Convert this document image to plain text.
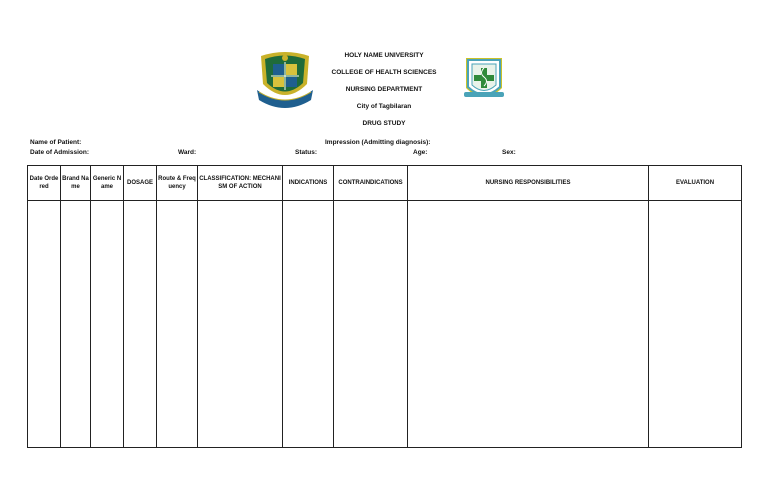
HOLY NAME UNIVERSITY
COLLEGE OF HEALTH SCIENCES
NURSING DEPARTMENT
City of Tagbilaran
DRUG STUDY
Name of Patient:	Impression (Admitting diagnosis):
Date of Admission:	Ward:	Status:	Age:	Sex:
Date Ordered	Brand Name	Generic Name	DOSAGE	Route & Frequency	CLASSIFICATION: MECHANISM OF ACTION	INDICATIONS	CONTRAINDICATIONS	NURSING RESPONSIBILITIES	EVALUATION
